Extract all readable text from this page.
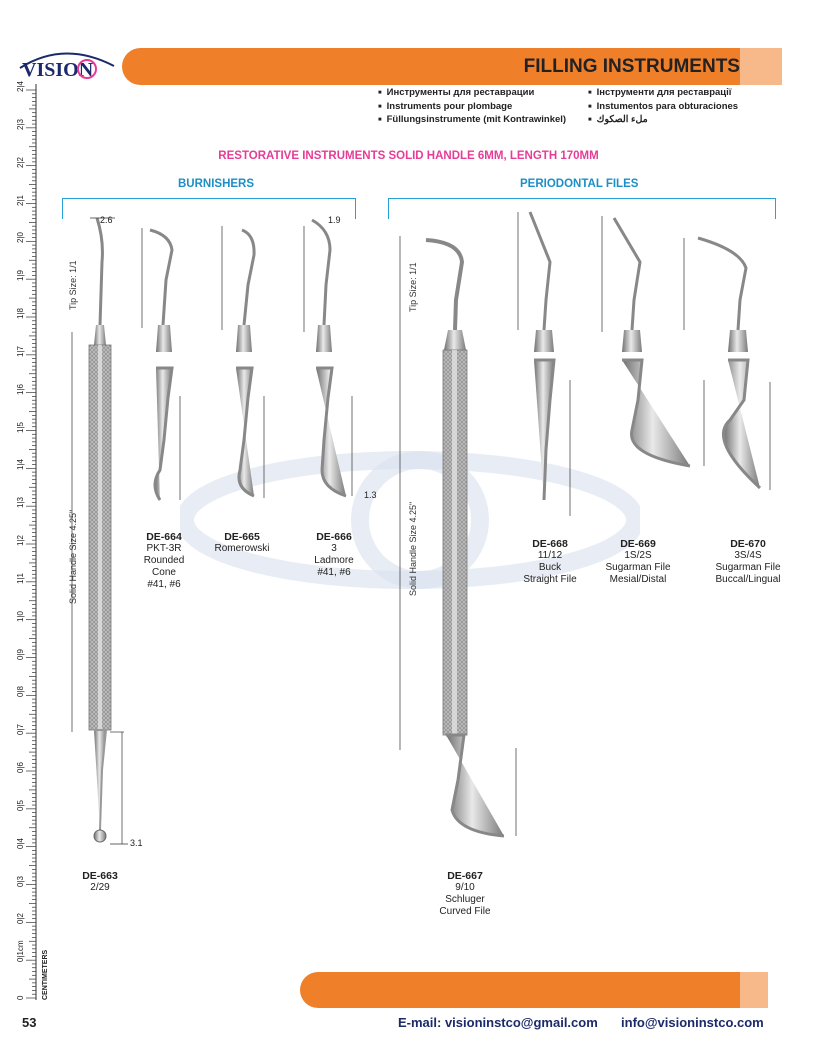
VISION	FILLING INSTRUMENTS
■ Инструменты для реставрации
■ Instruments pour plombage
■ Füllungsinstrumente (mit Kontrawinkel)
■ Інструменти для реставрації
■ Instumentos para obturaciones
■ ملء الصكوك
RESTORATIVE INSTRUMENTS SOLID HANDLE 6MM, LENGTH 170MM
BURNISHERS	PERIODONTAL FILES
2.6
3.1
1.9
1.3
Tip Size: 1/1
Solid Handle Size 4.25"
Tip Size: 1/1
Solid Handle Size 4.25"
DE-663
2/29
DE-664
PKT-3R
Rounded
Cone
#41, #6
DE-665
Romerowski
DE-666
3
Ladmore
#41, #6
DE-667
9/10
Schluger
Curved File
DE-668
11/12
Buck
Straight File
DE-669
1S/2S
Sugarman File
Mesial/Distal
DE-670
3S/4S
Sugarman File
Buccal/Lingual
0
0|1cm
0|2
0|3
0|4
0|5
0|6
0|7
0|8
0|9
1|0
1|1
1|2
1|3
1|4
1|5
1|6
1|7
1|8
1|9
2|0
2|1
2|2
2|3
2|4
CENTIMETERS
53	E-mail: visioninstco@gmail.com info@visioninstco.com
